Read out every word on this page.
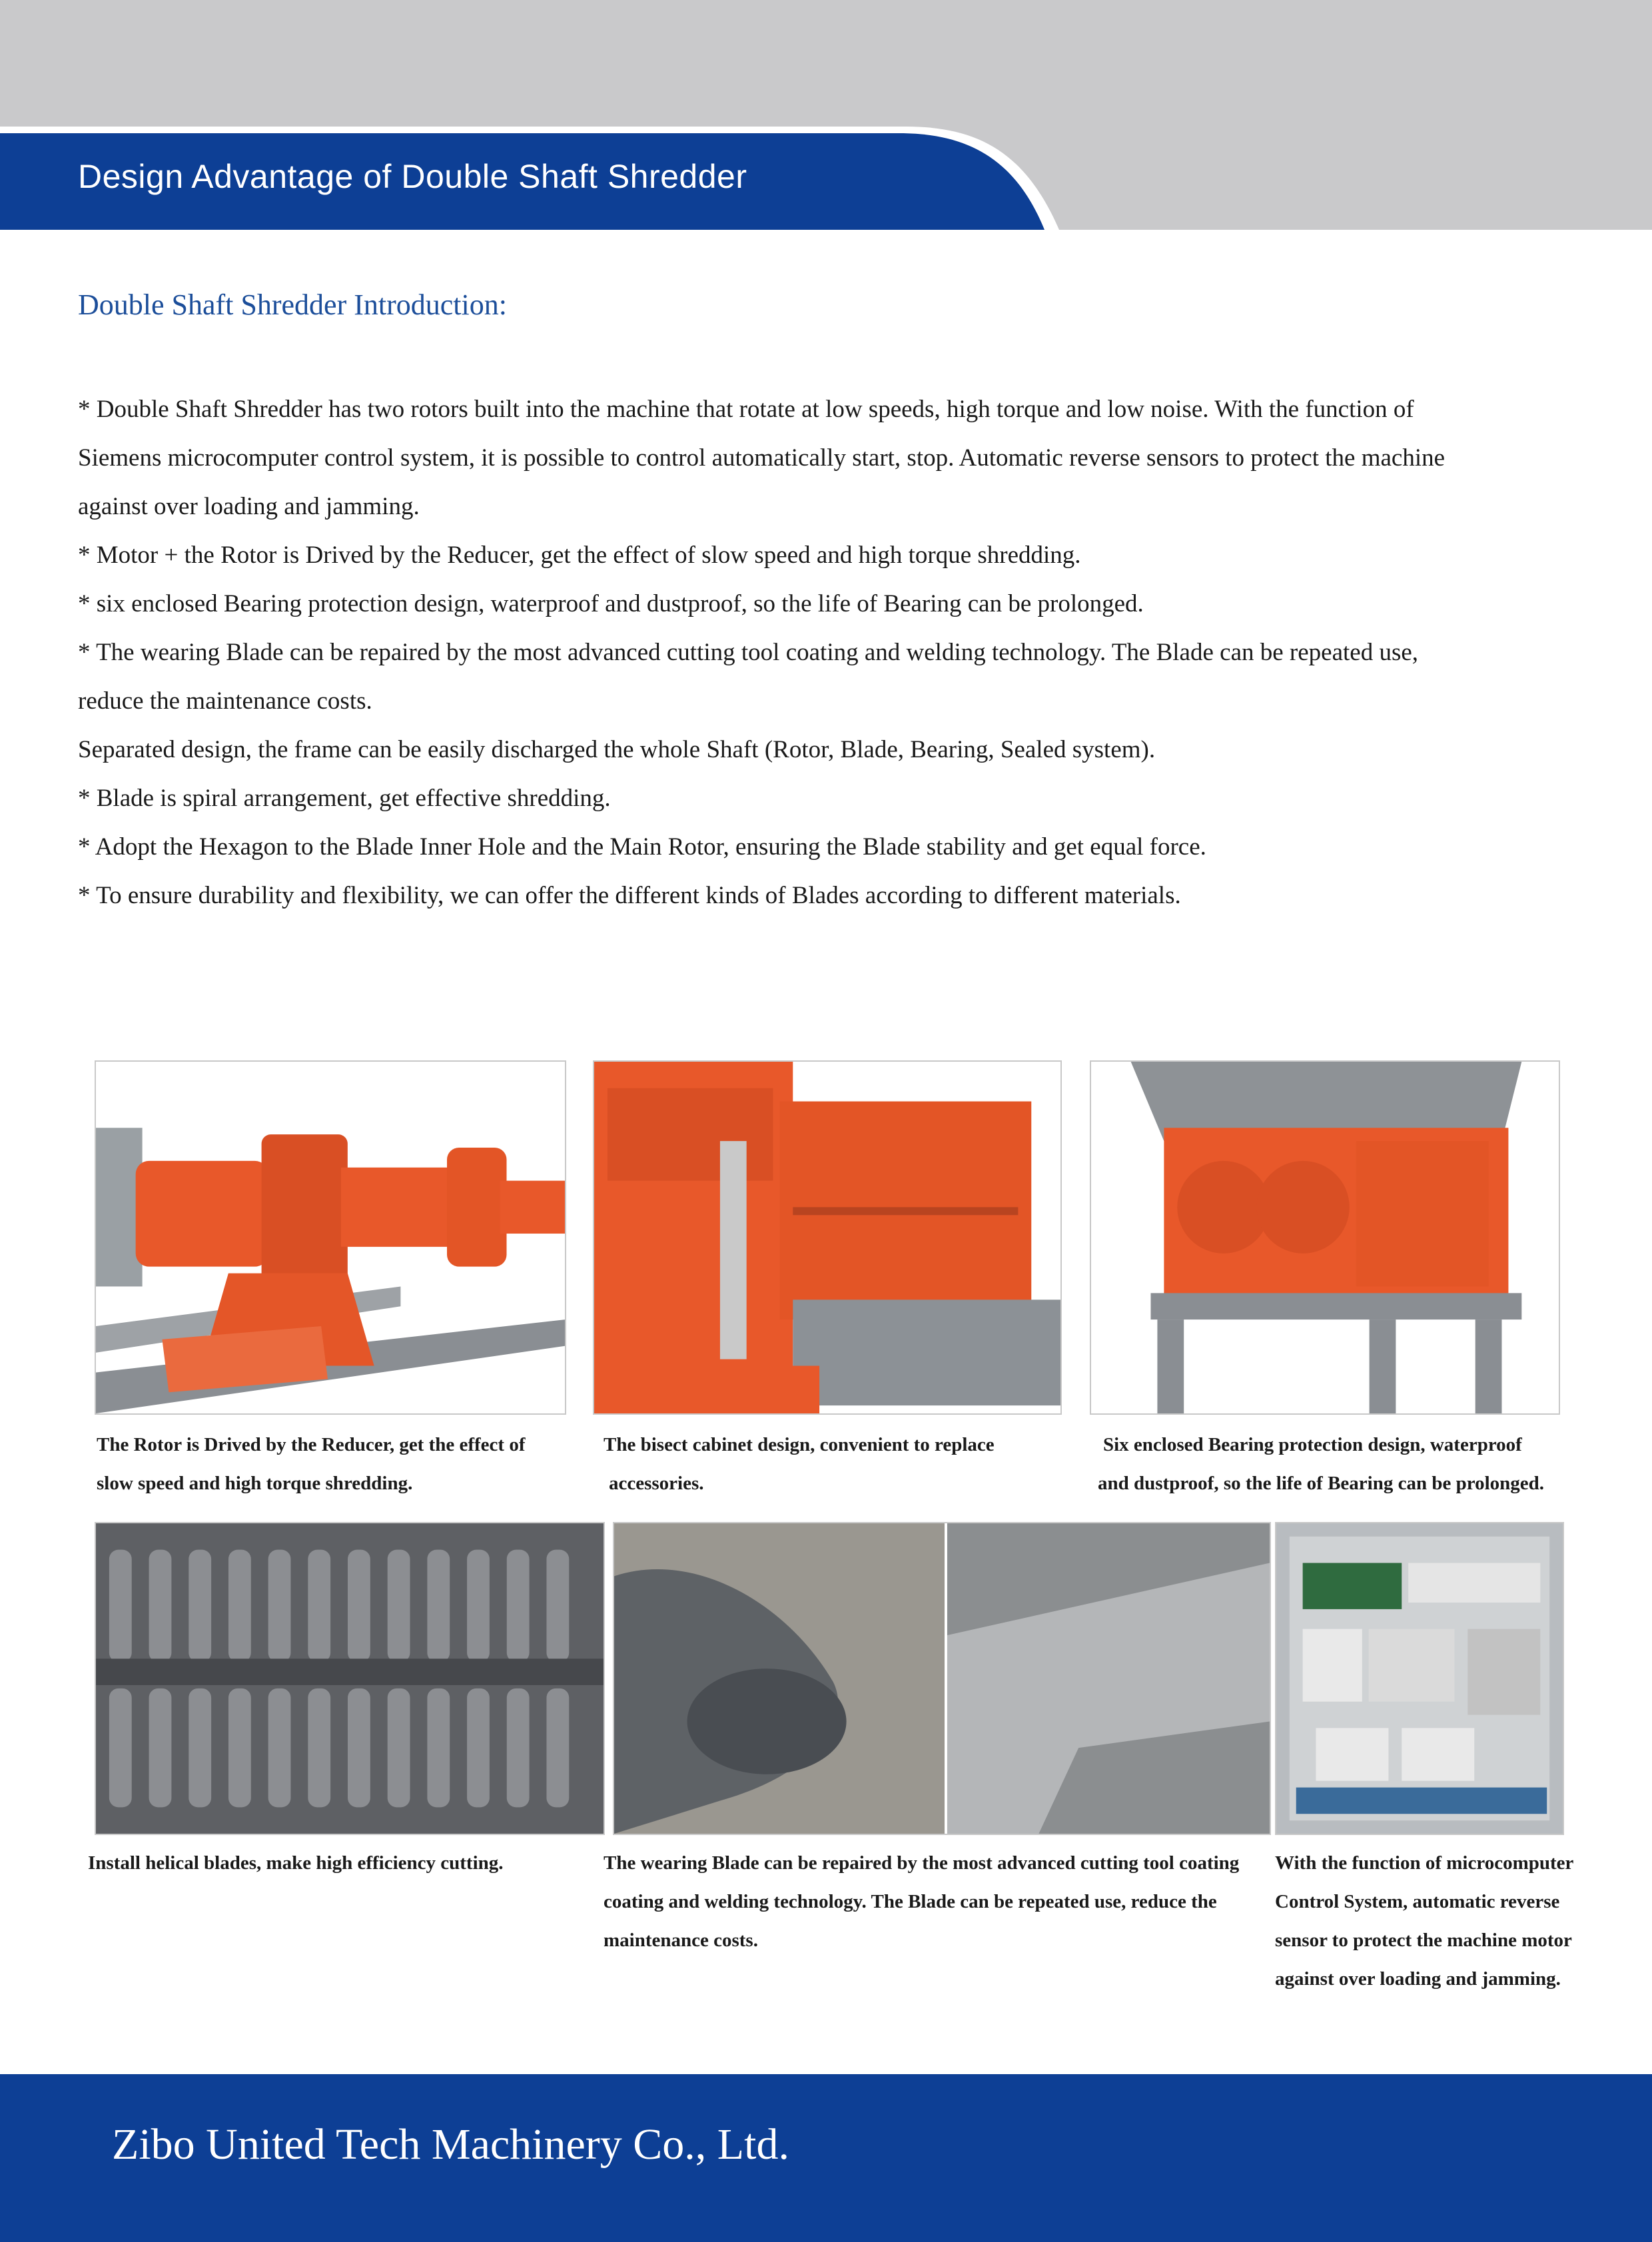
Design Advantage of Double Shaft Shredder
Double Shaft Shredder Introduction:

* Double Shaft Shredder has two rotors built into the machine that rotate at low speeds, high torque and low noise. With the function of

Siemens microcomputer control system, it is possible to control automatically start, stop. Automatic reverse sensors to protect the machine

against over loading and jamming.

* Motor + the Rotor is Drived by the Reducer, get the effect of slow speed and high torque shredding.

* six enclosed Bearing protection design, waterproof and dustproof, so the life of Bearing can be prolonged.

* The wearing Blade can be repaired by the most advanced cutting tool coating and welding technology. The Blade can be repeated use,

reduce the maintenance costs.

Separated design, the frame can be easily discharged the whole Shaft (Rotor, Blade, Bearing, Sealed system).

* Blade is spiral arrangement, get effective shredding.

* Adopt the Hexagon to the Blade Inner Hole and the Main Rotor, ensuring the Blade stability and get equal force.

* To ensure durability and flexibility, we can offer the different kinds of Blades according to different materials.

The Rotor is Drived by the Reducer, get the effect of
slow speed and high torque shredding.
The bisect cabinet design, convenient to replace
accessories.
Six enclosed Bearing protection design, waterproof
and dustproof, so the life of Bearing can be prolonged.
Install helical blades, make high efficiency cutting.	The wearing Blade can be repaired by the most advanced cutting tool coating
coating and welding technology. The Blade can be repeated use, reduce the
maintenance costs.
With the function of microcomputer
Control System, automatic reverse
sensor to protect the machine motor
against over loading and jamming.
Zibo United Tech Machinery Co., Ltd.
